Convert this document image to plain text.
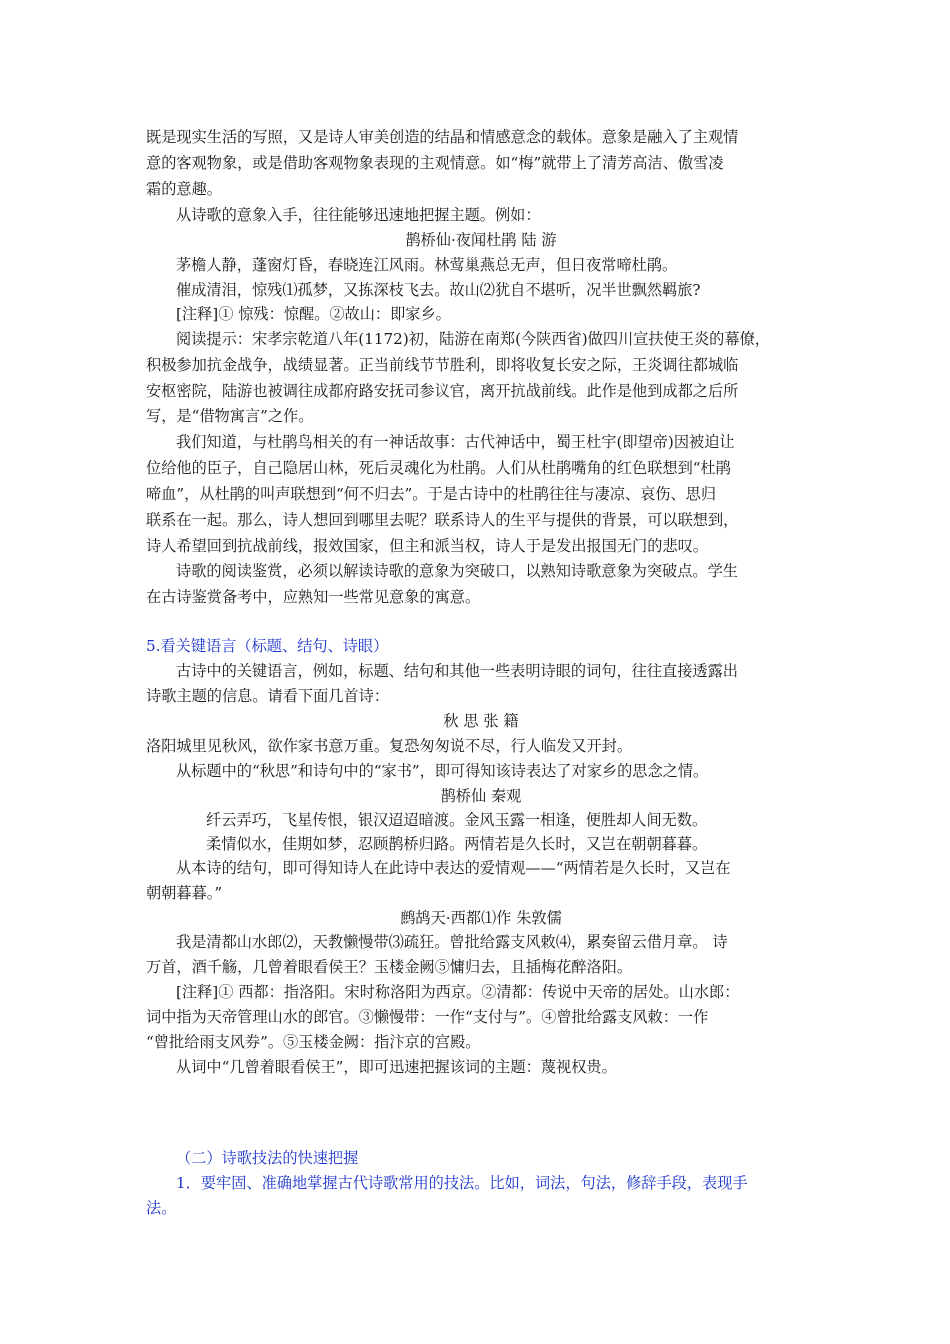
既是现实生活的写照，又是诗人审美创造的结晶和情感意念的载体。意象是融入了主观情
意的客观物象，或是借助客观物象表现的主观情意。如“梅”就带上了清芳高洁、傲雪凌
霜的意趣。
从诗歌的意象入手，往往能够迅速地把握主题。例如：
鹊桥仙·夜闻杜鹃 陆 游
茅檐人静，蓬窗灯昏，春晓连江风雨。林莺巢燕总无声，但日夜常啼杜鹃。
催成清泪，惊残⑴孤梦，又拣深枝飞去。故山⑵犹自不堪听，况半世飘然羁旅?
[注释]① 惊残：惊醒。②故山：即家乡。
阅读提示：宋孝宗乾道八年(1172)初，陆游在南郑(今陕西省)做四川宣扶使王炎的幕僚，
积极参加抗金战争，战绩显著。正当前线节节胜利，即将收复长安之际，王炎调往都城临
安枢密院，陆游也被调往成都府路安抚司参议官，离开抗战前线。此作是他到成都之后所
写，是“借物寓言”之作。
我们知道，与杜鹃鸟相关的有一神话故事：古代神话中，蜀王杜宇(即望帝)因被迫让
位给他的臣子，自己隐居山林，死后灵魂化为杜鹃。人们从杜鹃嘴角的红色联想到“杜鹃
啼血”，从杜鹃的叫声联想到“何不归去”。于是古诗中的杜鹃往往与凄凉、哀伤、思归
联系在一起。那么，诗人想回到哪里去呢？联系诗人的生平与提供的背景，可以联想到，
诗人希望回到抗战前线，报效国家，但主和派当权，诗人于是发出报国无门的悲叹。
诗歌的阅读鉴赏，必须以解读诗歌的意象为突破口，以熟知诗歌意象为突破点。学生
在古诗鉴赏备考中，应熟知一些常见意象的寓意。
5.看关键语言（标题、结句、诗眼）
古诗中的关键语言，例如，标题、结句和其他一些表明诗眼的词句，往往直接透露出
诗歌主题的信息。请看下面几首诗：
秋 思 张 籍
洛阳城里见秋风，欲作家书意万重。复恐匆匆说不尽，行人临发又开封。
从标题中的“秋思”和诗句中的“家书”，即可得知该诗表达了对家乡的思念之情。
鹊桥仙 秦观
纤云弄巧，飞星传恨，银汉迢迢暗渡。金风玉露一相逢，便胜却人间无数。
柔情似水，佳期如梦，忍顾鹊桥归路。两情若是久长时，又岂在朝朝暮暮。
从本诗的结句，即可得知诗人在此诗中表达的爱情观——“两情若是久长时，又岂在
朝朝暮暮。”
鹧鸪天·西都⑴作 朱敦儒
我是清都山水郎⑵，天教懒慢带⑶疏狂。曾批给露支风敕⑷，累奏留云借月章。 诗
万首，酒千觞，几曾着眼看侯王？玉楼金阙⑤慵归去，且插梅花醉洛阳。
[注释]① 西都：指洛阳。宋时称洛阳为西京。②清都：传说中天帝的居处。山水郎：
词中指为天帝管理山水的郎官。③懒慢带：一作“支付与”。④曾批给露支风敕：一作
“曾批给雨支风券”。⑤玉楼金阙：指汴京的宫殿。
从词中“几曾着眼看侯王”，即可迅速把握该词的主题：蔑视权贵。
（二）诗歌技法的快速把握
1．要牢固、准确地掌握古代诗歌常用的技法。比如，词法，句法，修辞手段，表现手
法。
